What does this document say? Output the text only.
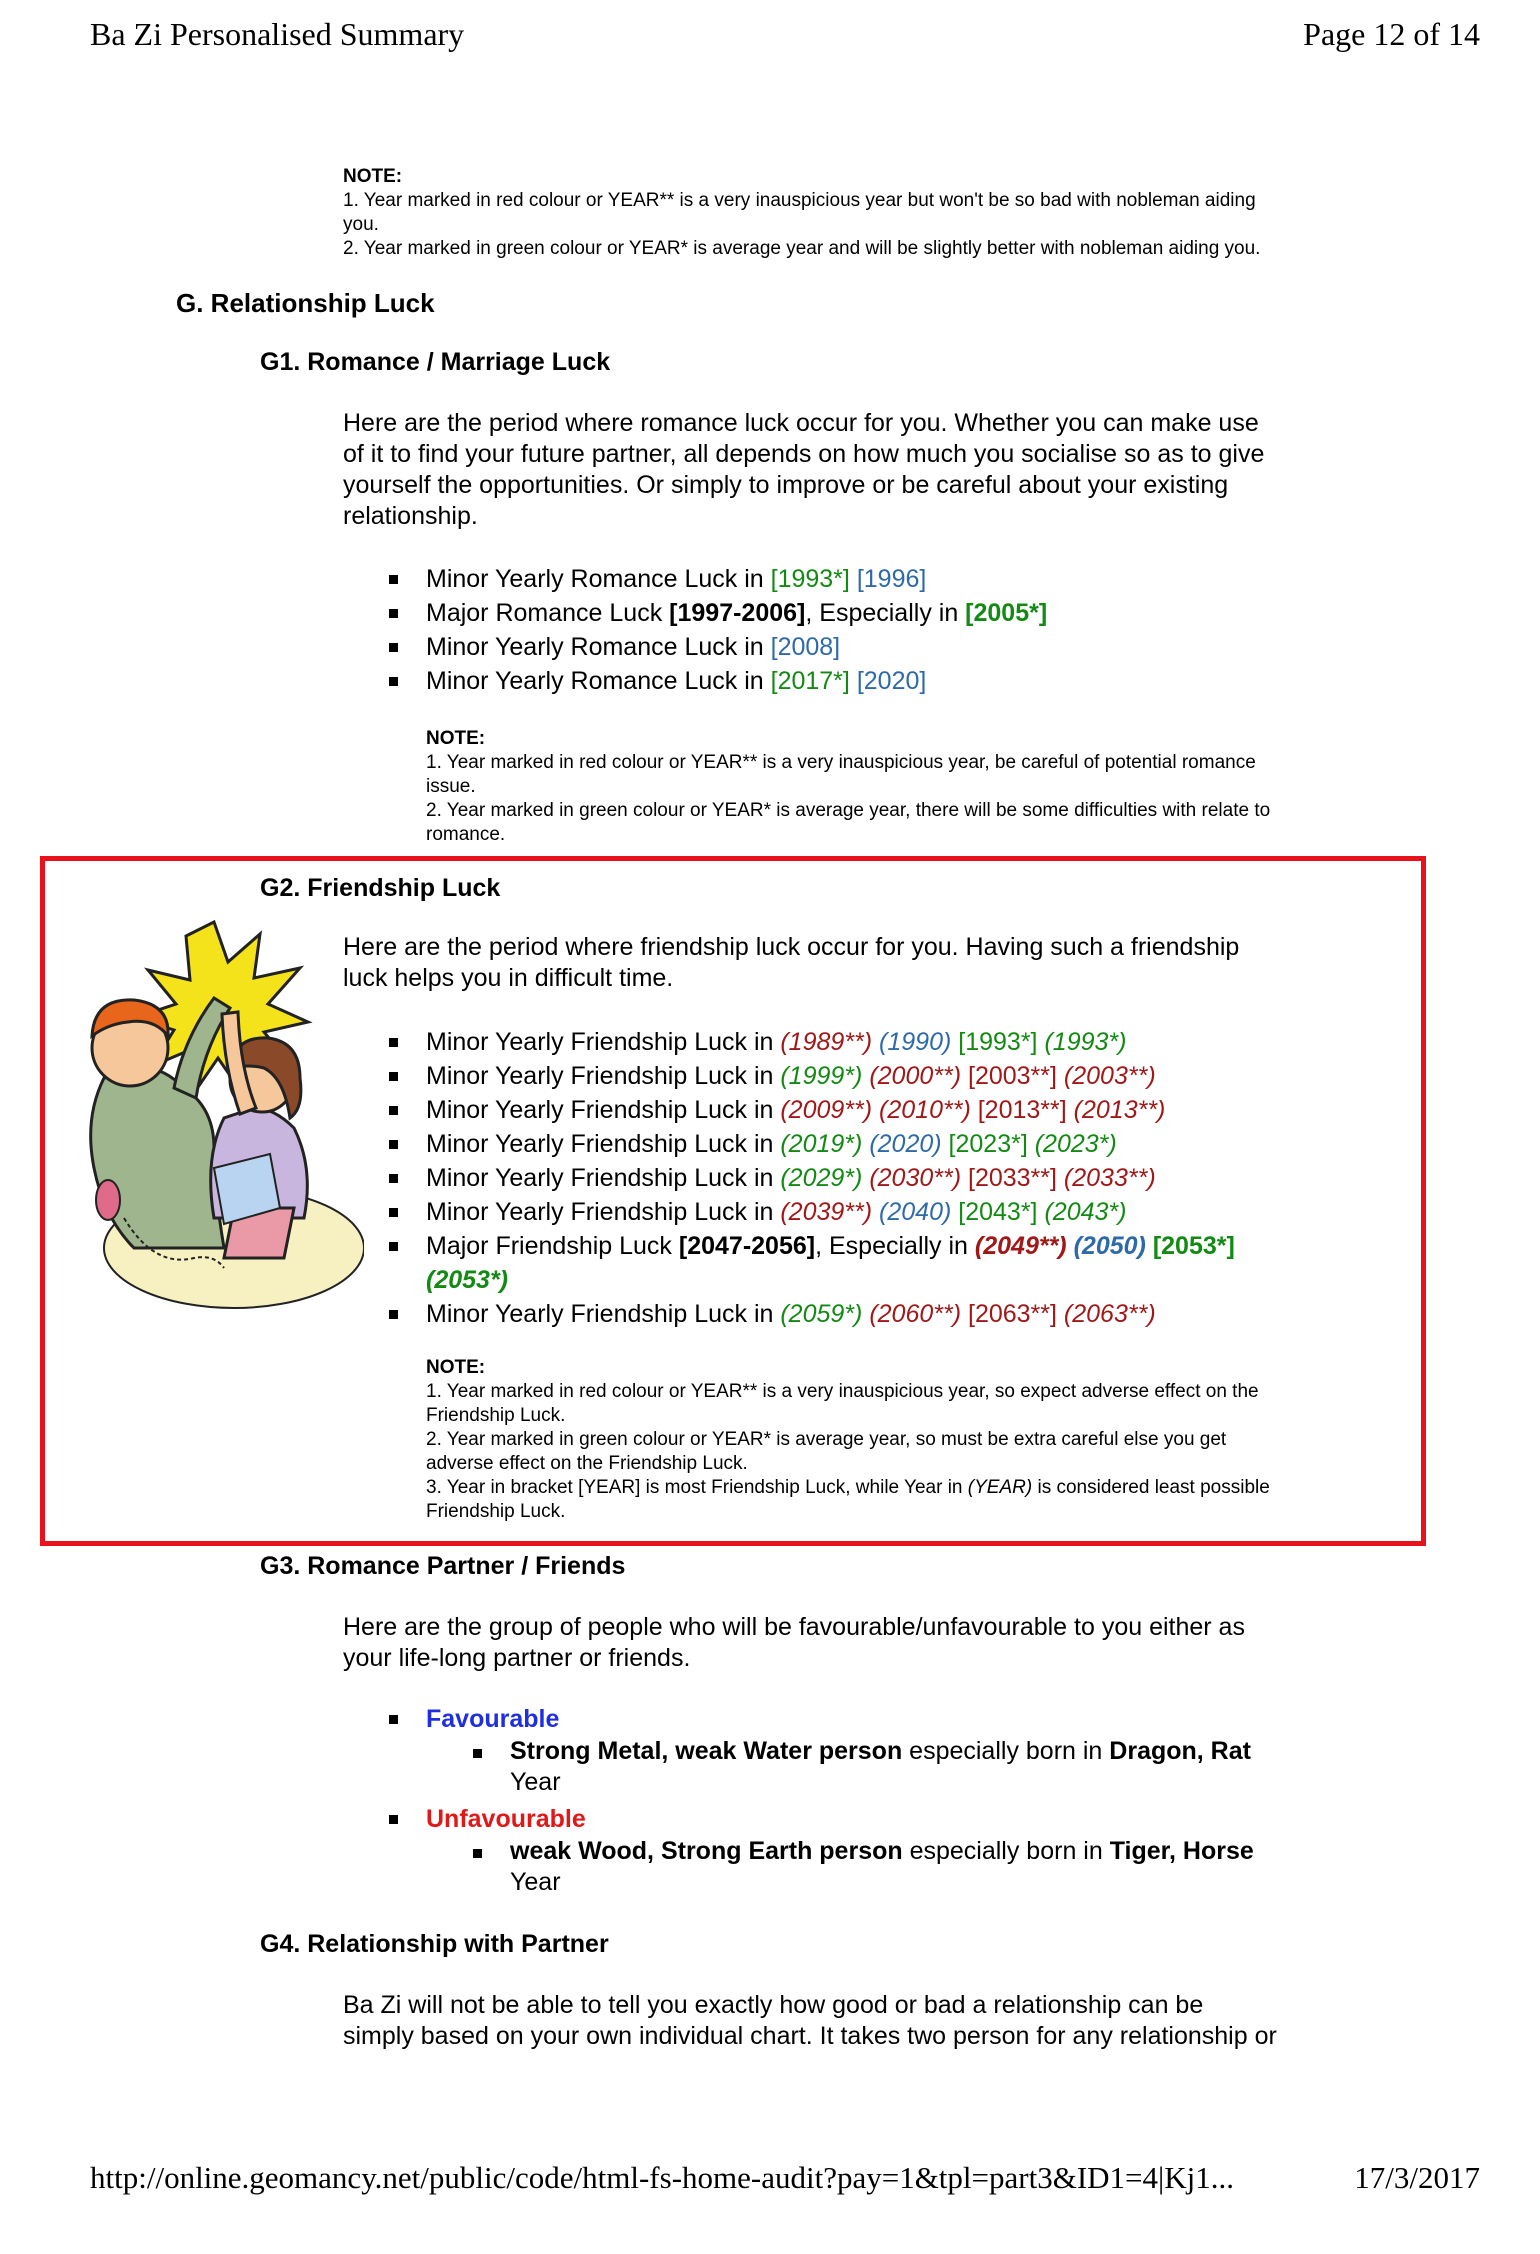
Ba Zi Personalised Summary	Page 12 of 14
NOTE:
1. Year marked in red colour or YEAR** is a very inauspicious year but won't be so bad with nobleman aiding
you.
2. Year marked in green colour or YEAR* is average year and will be slightly better with nobleman aiding you.
G. Relationship Luck
G1. Romance / Marriage Luck
Here are the period where romance luck occur for you. Whether you can make use
of it to find your future partner, all depends on how much you socialise so as to give
yourself the opportunities. Or simply to improve or be careful about your existing
relationship.
Minor Yearly Romance Luck in [1993*] [1996]
Major Romance Luck [1997-2006], Especially in [2005*]
Minor Yearly Romance Luck in [2008]
Minor Yearly Romance Luck in [2017*] [2020]
NOTE:
1. Year marked in red colour or YEAR** is a very inauspicious year, be careful of potential romance
issue.
2. Year marked in green colour or YEAR* is average year, there will be some difficulties with relate to
romance.
G2. Friendship Luck
Here are the period where friendship luck occur for you. Having such a friendship
luck helps you in difficult time.
Minor Yearly Friendship Luck in (1989**) (1990) [1993*] (1993*)
Minor Yearly Friendship Luck in (1999*) (2000**) [2003**] (2003**)
Minor Yearly Friendship Luck in (2009**) (2010**) [2013**] (2013**)
Minor Yearly Friendship Luck in (2019*) (2020) [2023*] (2023*)
Minor Yearly Friendship Luck in (2029*) (2030**) [2033**] (2033**)
Minor Yearly Friendship Luck in (2039**) (2040) [2043*] (2043*)
Major Friendship Luck [2047-2056], Especially in (2049**) (2050) [2053*]
(2053*)
Minor Yearly Friendship Luck in (2059*) (2060**) [2063**] (2063**)
NOTE:
1. Year marked in red colour or YEAR** is a very inauspicious year, so expect adverse effect on the
Friendship Luck.
2. Year marked in green colour or YEAR* is average year, so must be extra careful else you get
adverse effect on the Friendship Luck.
3. Year in bracket [YEAR] is most Friendship Luck, while Year in (YEAR) is considered least possible
Friendship Luck.
G3. Romance Partner / Friends
Here are the group of people who will be favourable/unfavourable to you either as
your life-long partner or friends.
Favourable
Strong Metal, weak Water person especially born in Dragon, Rat
Year
Unfavourable
weak Wood, Strong Earth person especially born in Tiger, Horse
Year
G4. Relationship with Partner
Ba Zi will not be able to tell you exactly how good or bad a relationship can be
simply based on your own individual chart. It takes two person for any relationship or
http://online.geomancy.net/public/code/html-fs-home-audit?pay=1&tpl=part3&ID1=4|Kj1...	17/3/2017
